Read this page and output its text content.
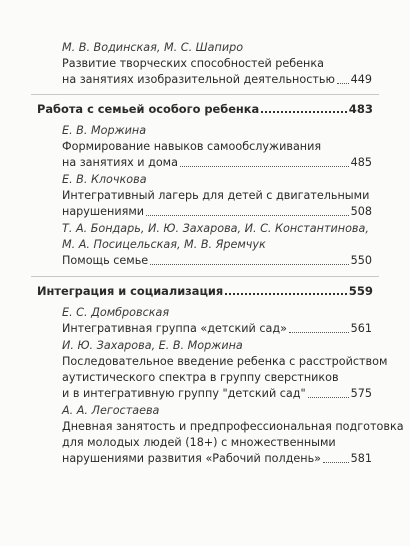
М. В. Водинская, М. С. Шапиро
Развитие творческих способностей ребенка
на занятиях изобразительной деятельностью 449
Работа с семьей особого ребенка	483
Е. В. Моржина
Формирование навыков самообслуживания
на занятиях и дома	485
Е. В. Клочкова
Интегративный лагерь для детей с двигательными
нарушениями	508
Т. А. Бондарь, И. Ю. Захарова, И. С. Константинова,
М. А. Посицельская, М. В. Яремчук
Помощь семье	550
Интеграция и социализация	559
Е. С. Домбровская
Интегративная группа «детский сад»	561
И. Ю. Захарова, Е. В. Моржина
Последовательное введение ребенка с расстройством
аутистического спектра в группу сверстников
и в интегративную группу "детский сад"	575
А. А. Легостаева
Дневная занятость и предпрофессиональная подготовка
для молодых людей (18+) с множественными
нарушениями развития «Рабочий полдень»	581
